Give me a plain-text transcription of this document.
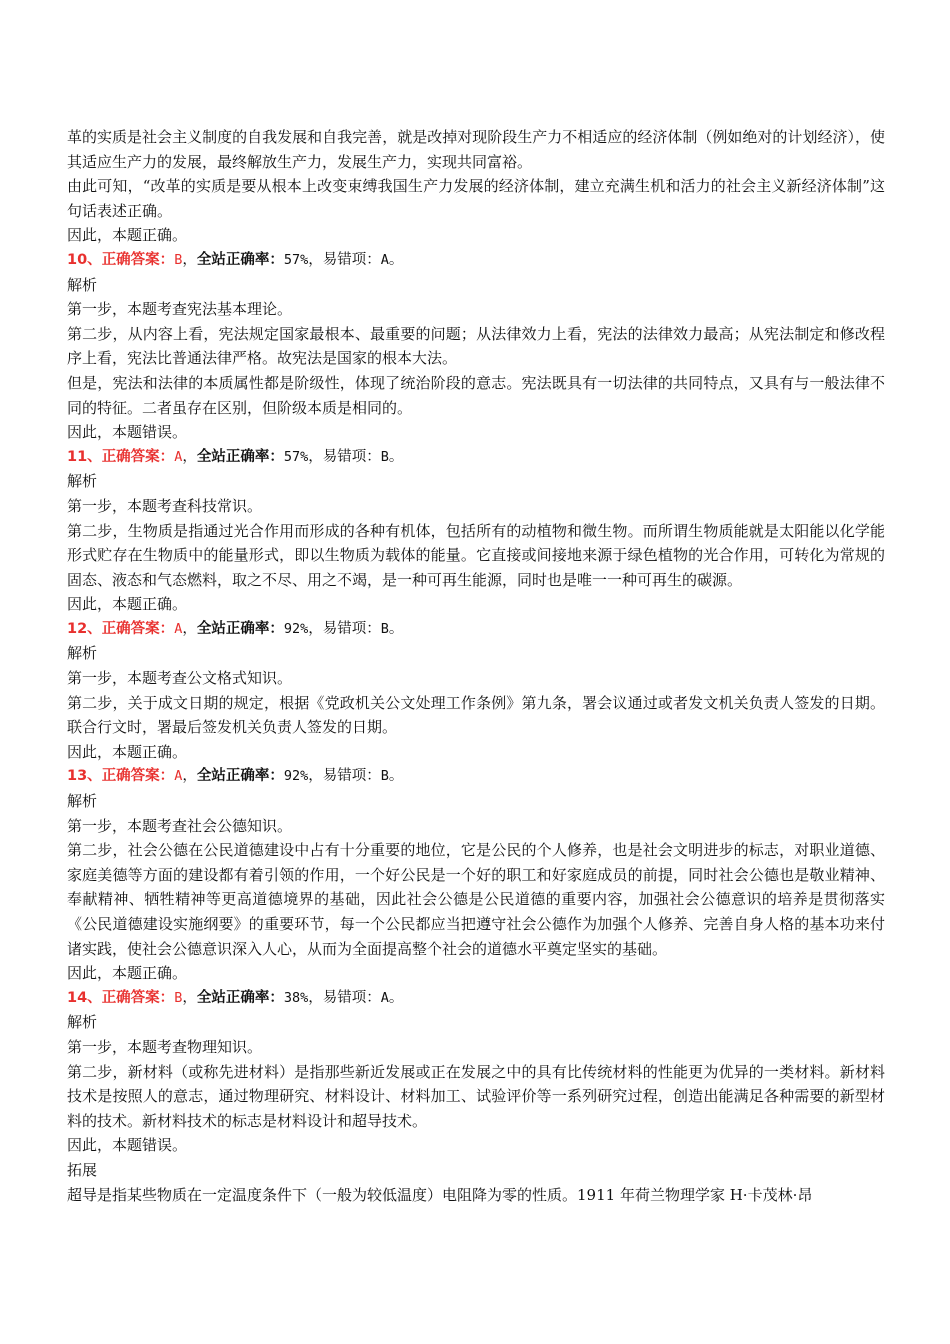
革的实质是社会主义制度的自我发展和自我完善，就是改掉对现阶段生产力不相适应的经济体制（例如绝对的计划经济），使其适应生产力的发展，最终解放生产力，发展生产力，实现共同富裕。

由此可知，“改革的实质是要从根本上改变束缚我国生产力发展的经济体制，建立充满生机和活力的社会主义新经济体制”这句话表述正确。

因此，本题正确。

10、正确答案：B，全站正确率：57%，易错项：A。

解析

第一步，本题考查宪法基本理论。

第二步，从内容上看，宪法规定国家最根本、最重要的问题；从法律效力上看，宪法的法律效力最高；从宪法制定和修改程序上看，宪法比普通法律严格。故宪法是国家的根本大法。

但是，宪法和法律的本质属性都是阶级性，体现了统治阶段的意志。宪法既具有一切法律的共同特点，又具有与一般法律不同的特征。二者虽存在区别，但阶级本质是相同的。

因此，本题错误。

11、正确答案：A，全站正确率：57%，易错项：B。

解析

第一步，本题考查科技常识。

第二步，生物质是指通过光合作用而形成的各种有机体，包括所有的动植物和微生物。而所谓生物质能就是太阳能以化学能形式贮存在生物质中的能量形式，即以生物质为载体的能量。它直接或间接地来源于绿色植物的光合作用，可转化为常规的固态、液态和气态燃料，取之不尽、用之不竭，是一种可再生能源，同时也是唯一一种可再生的碳源。

因此，本题正确。

12、正确答案：A，全站正确率：92%，易错项：B。

解析

第一步，本题考查公文格式知识。

第二步，关于成文日期的规定，根据《党政机关公文处理工作条例》第九条，署会议通过或者发文机关负责人签发的日期。联合行文时，署最后签发机关负责人签发的日期。

因此，本题正确。

13、正确答案：A，全站正确率：92%，易错项：B。

解析

第一步，本题考查社会公德知识。

第二步，社会公德在公民道德建设中占有十分重要的地位，它是公民的个人修养，也是社会文明进步的标志，对职业道德、家庭美德等方面的建设都有着引领的作用，一个好公民是一个好的职工和好家庭成员的前提，同时社会公德也是敬业精神、奉献精神、牺牲精神等更高道德境界的基础，因此社会公德是公民道德的重要内容，加强社会公德意识的培养是贯彻落实《公民道德建设实施纲要》的重要环节，每一个公民都应当把遵守社会公德作为加强个人修养、完善自身人格的基本功来付诸实践，使社会公德意识深入人心，从而为全面提高整个社会的道德水平奠定坚实的基础。

因此，本题正确。

14、正确答案：B，全站正确率：38%，易错项：A。

解析

第一步，本题考查物理知识。

第二步，新材料（或称先进材料）是指那些新近发展或正在发展之中的具有比传统材料的性能更为优异的一类材料。新材料技术是按照人的意志，通过物理研究、材料设计、材料加工、试验评价等一系列研究过程，创造出能满足各种需要的新型材料的技术。新材料技术的标志是材料设计和超导技术。

因此，本题错误。

拓展

超导是指某些物质在一定温度条件下（一般为较低温度）电阻降为零的性质。1911 年荷兰物理学家 H·卡茂林·昂
